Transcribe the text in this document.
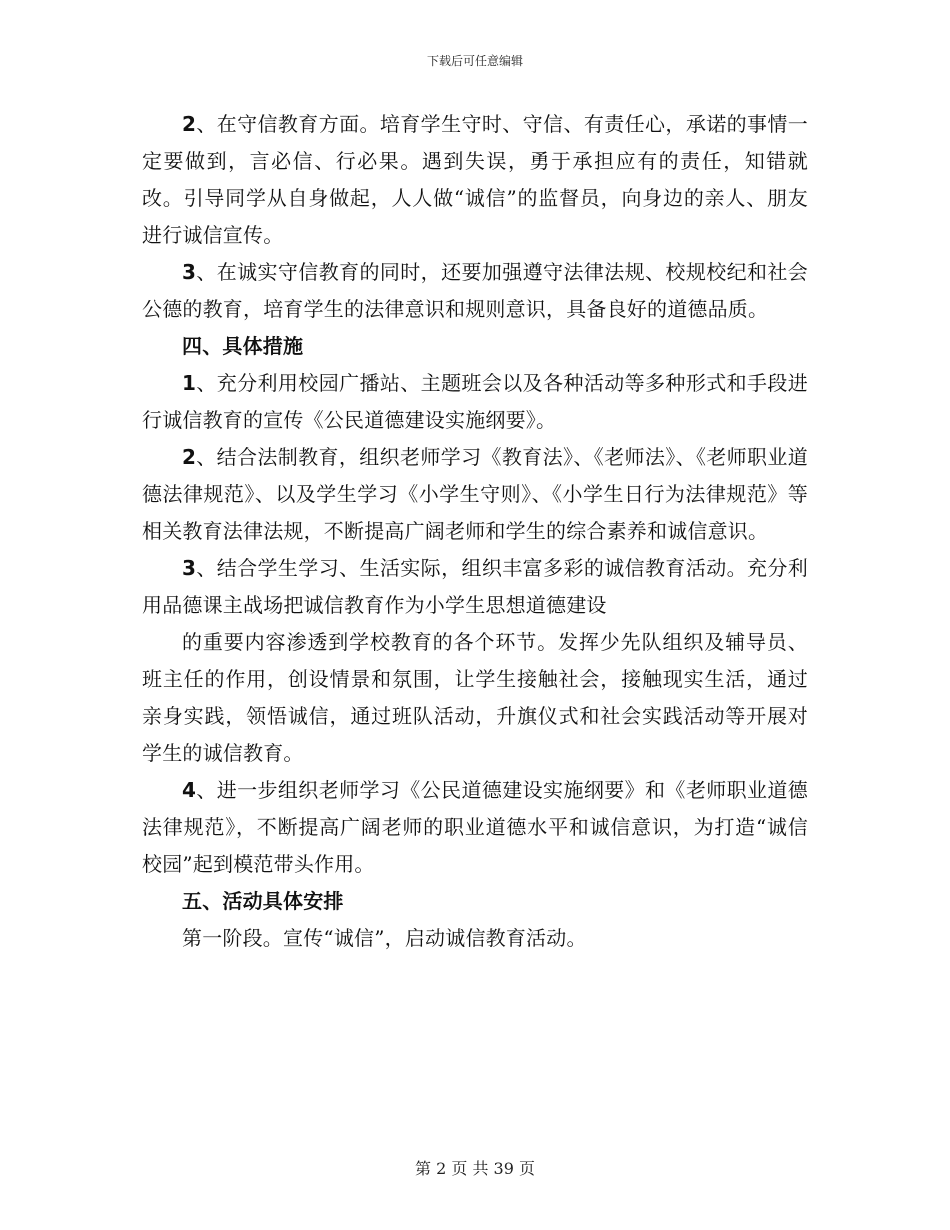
下载后可任意编辑

2、在守信教育方面。培育学生守时、守信、有责任心，承诺的事情一定要做到，言必信、行必果。遇到失误，勇于承担应有的责任，知错就改。引导同学从自身做起，人人做“诚信”的监督员，向身边的亲人、朋友进行诚信宣传。

3、在诚实守信教育的同时，还要加强遵守法律法规、校规校纪和社会公德的教育，培育学生的法律意识和规则意识，具备良好的道德品质。

四、具体措施

1、充分利用校园广播站、主题班会以及各种活动等多种形式和手段进行诚信教育的宣传《公民道德建设实施纲要》。

2、结合法制教育，组织老师学习《教育法》、《老师法》、《老师职业道德法律规范》、以及学生学习《小学生守则》、《小学生日行为法律规范》等相关教育法律法规，不断提高广阔老师和学生的综合素养和诚信意识。

3、结合学生学习、生活实际，组织丰富多彩的诚信教育活动。充分利用品德课主战场把诚信教育作为小学生思想道德建设

的重要内容渗透到学校教育的各个环节。发挥少先队组织及辅导员、班主任的作用，创设情景和氛围，让学生接触社会，接触现实生活，通过亲身实践，领悟诚信，通过班队活动，升旗仪式和社会实践活动等开展对学生的诚信教育。

4、进一步组织老师学习《公民道德建设实施纲要》和《老师职业道德法律规范》，不断提高广阔老师的职业道德水平和诚信意识，为打造“诚信校园”起到模范带头作用。

五、活动具体安排

第一阶段。宣传“诚信”，启动诚信教育活动。

第 2 页 共 39 页
